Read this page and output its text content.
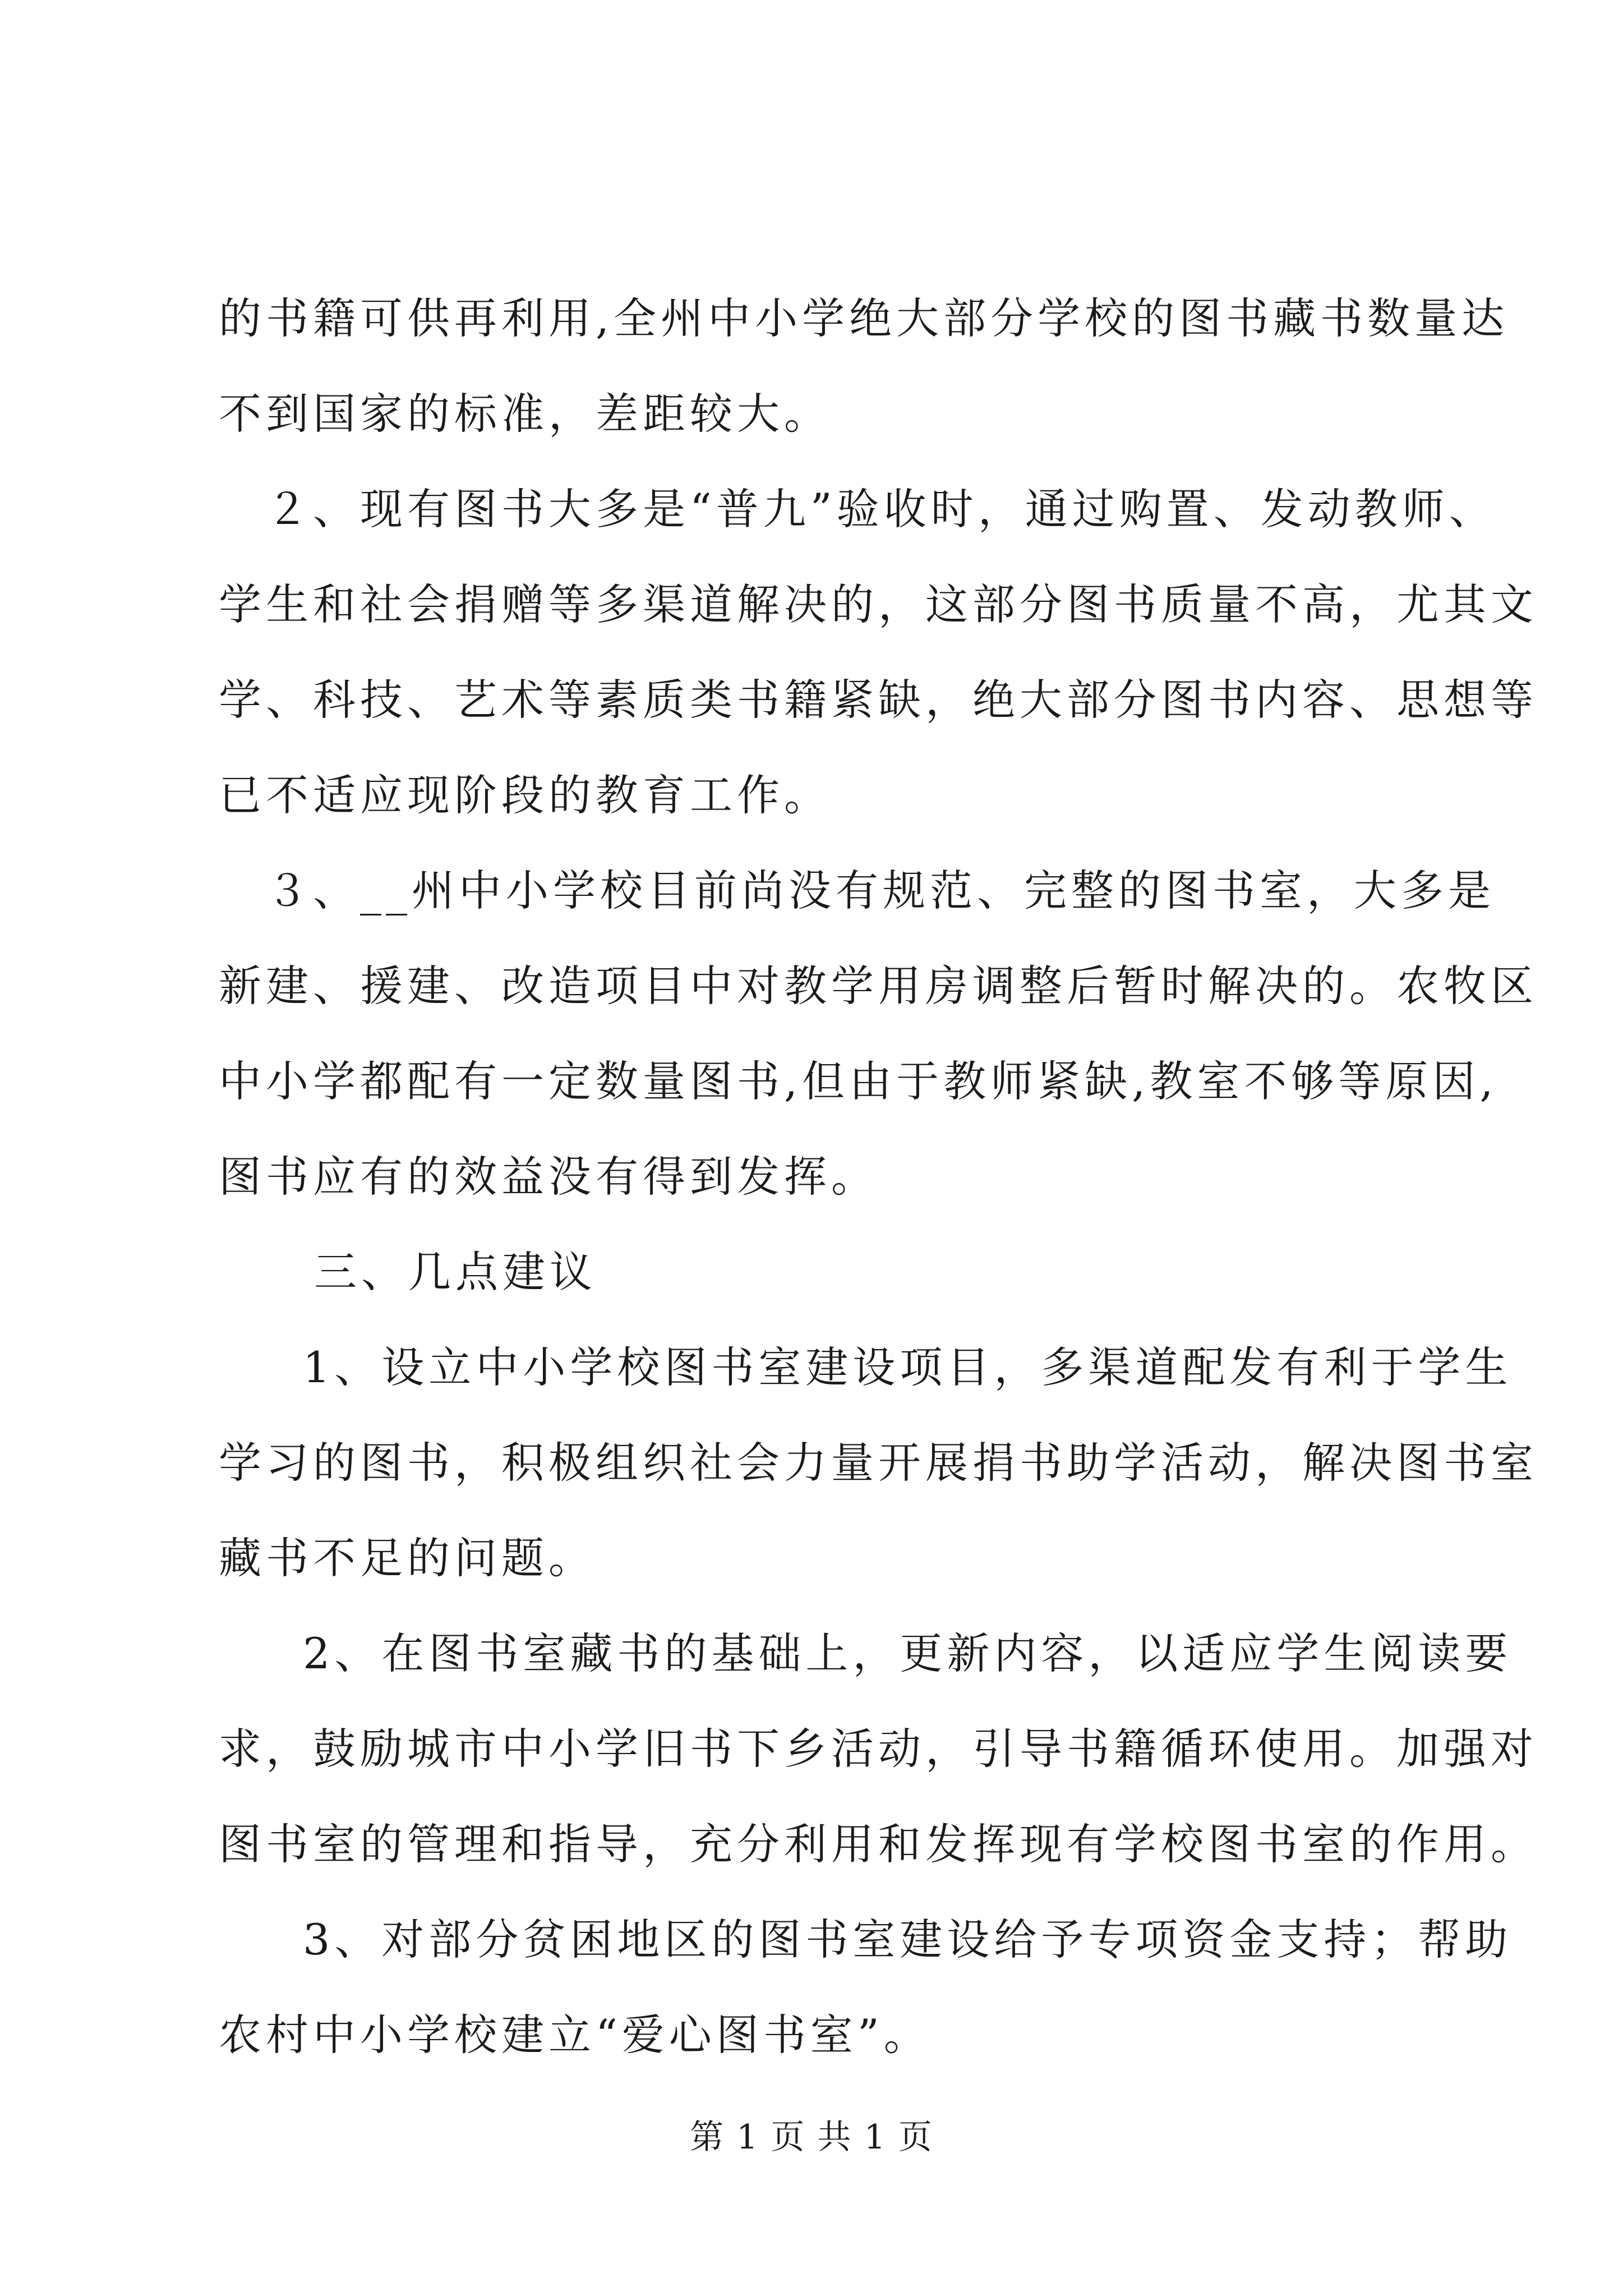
的书籍可供再利用,全州中小学绝大部分学校的图书藏书数量达
不到国家的标准，差距较大。
　２、现有图书大多是“普九”验收时，通过购置、发动教师、
学生和社会捐赠等多渠道解决的，这部分图书质量不高，尤其文
学、科技、艺术等素质类书籍紧缺，绝大部分图书内容、思想等
已不适应现阶段的教育工作。
　３、__州中小学校目前尚没有规范、完整的图书室，大多是
新建、援建、改造项目中对教学用房调整后暂时解决的。农牧区
中小学都配有一定数量图书,但由于教师紧缺,教室不够等原因,
图书应有的效益没有得到发挥。
三、几点建议
1、设立中小学校图书室建设项目，多渠道配发有利于学生
学习的图书，积极组织社会力量开展捐书助学活动，解决图书室
藏书不足的问题。
2、在图书室藏书的基础上，更新内容，以适应学生阅读要
求，鼓励城市中小学旧书下乡活动，引导书籍循环使用。加强对
图书室的管理和指导，充分利用和发挥现有学校图书室的作用。
3、对部分贫困地区的图书室建设给予专项资金支持；帮助
农村中小学校建立“爱心图书室”。
第 1 页 共 1 页
